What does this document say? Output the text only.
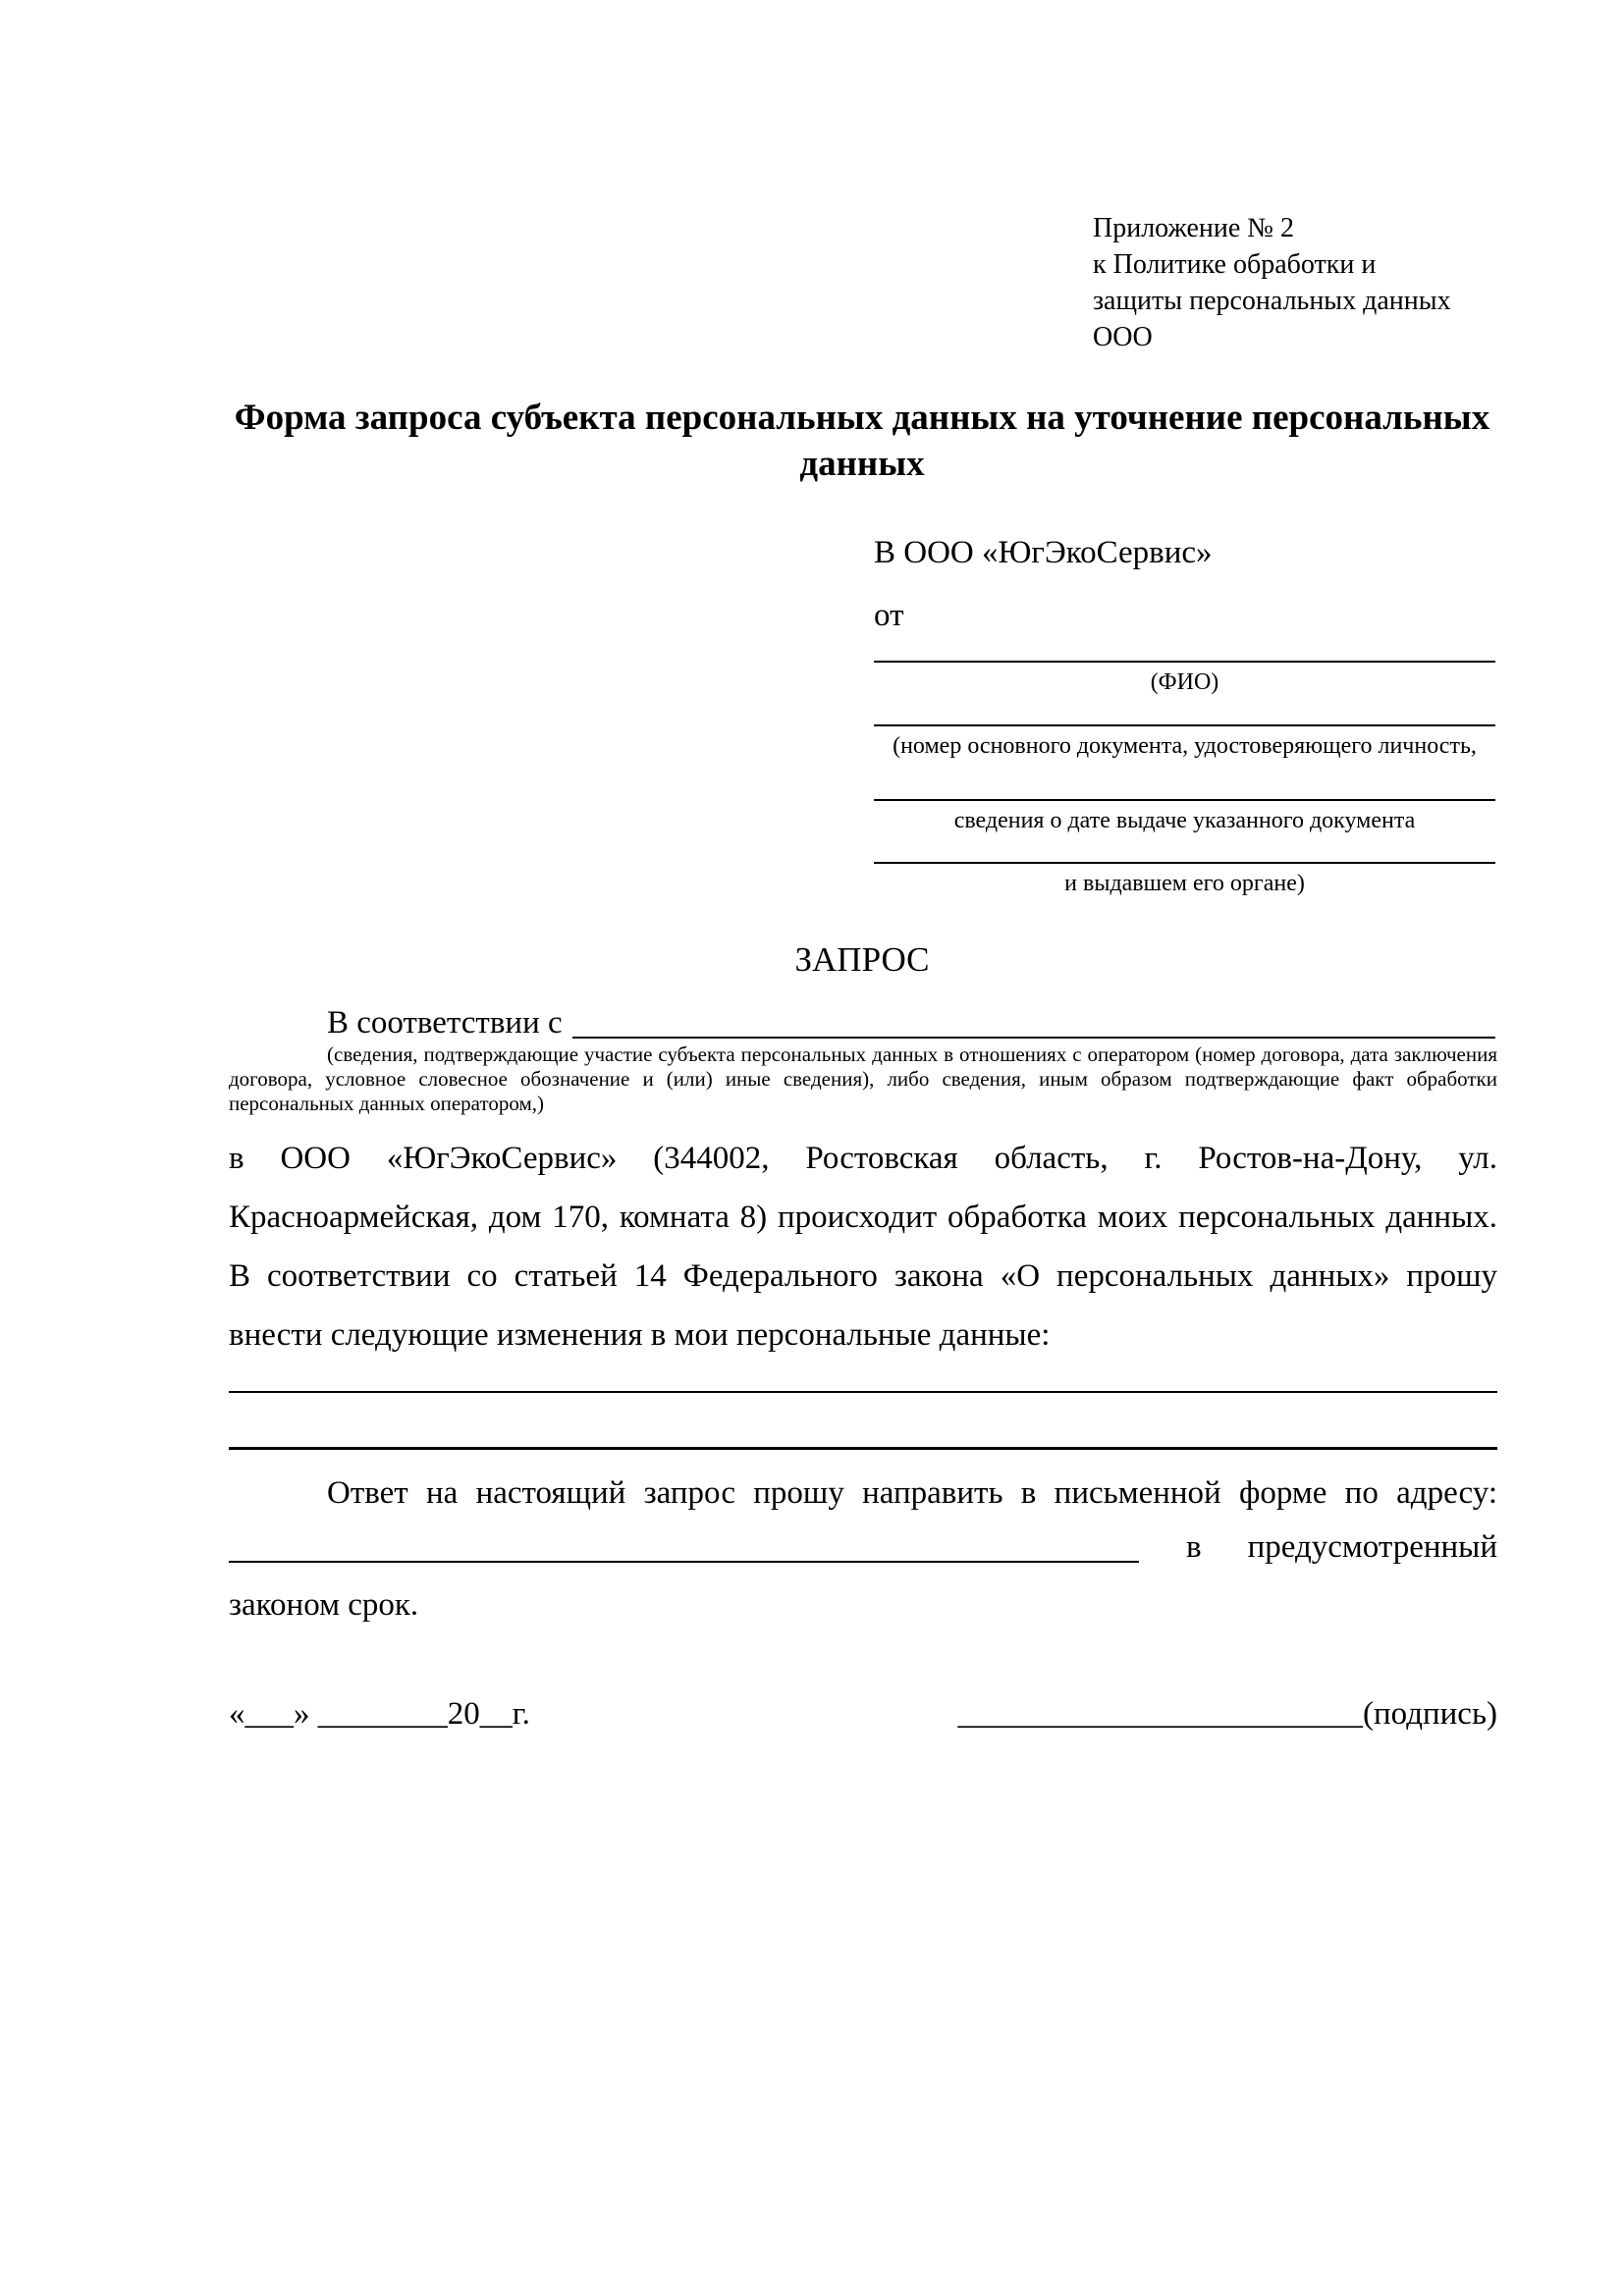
Приложение № 2
к Политике обработки и
защиты персональных данных
ООО
Форма запроса субъекта персональных данных на уточнение персональных данных
В ООО «ЮгЭкоСервис»
от
(ФИО)
(номер основного документа, удостоверяющего личность,
сведения о дате выдаче указанного документа
и выдавшем его органе)
ЗАПРОС
В соответствии с
(сведения, подтверждающие участие субъекта персональных данных в отношениях с оператором (номер договора, дата заключения договора, условное словесное обозначение и (или) иные сведения), либо сведения, иным образом подтверждающие факт обработки персональных данных оператором,)
в ООО «ЮгЭкоСервис» (344002, Ростовская область, г. Ростов-на-Дону, ул. Красноармейская, дом 170, комната 8) происходит обработка моих персональных данных. В соответствии со статьей 14 Федерального закона «О персональных данных» прошу внести следующие изменения в мои персональные данные:
Ответ на настоящий запрос прошу направить в письменной форме по адресу:
в предусмотренный
законом срок.
«___» ________20__г.	_________________________(подпись)
